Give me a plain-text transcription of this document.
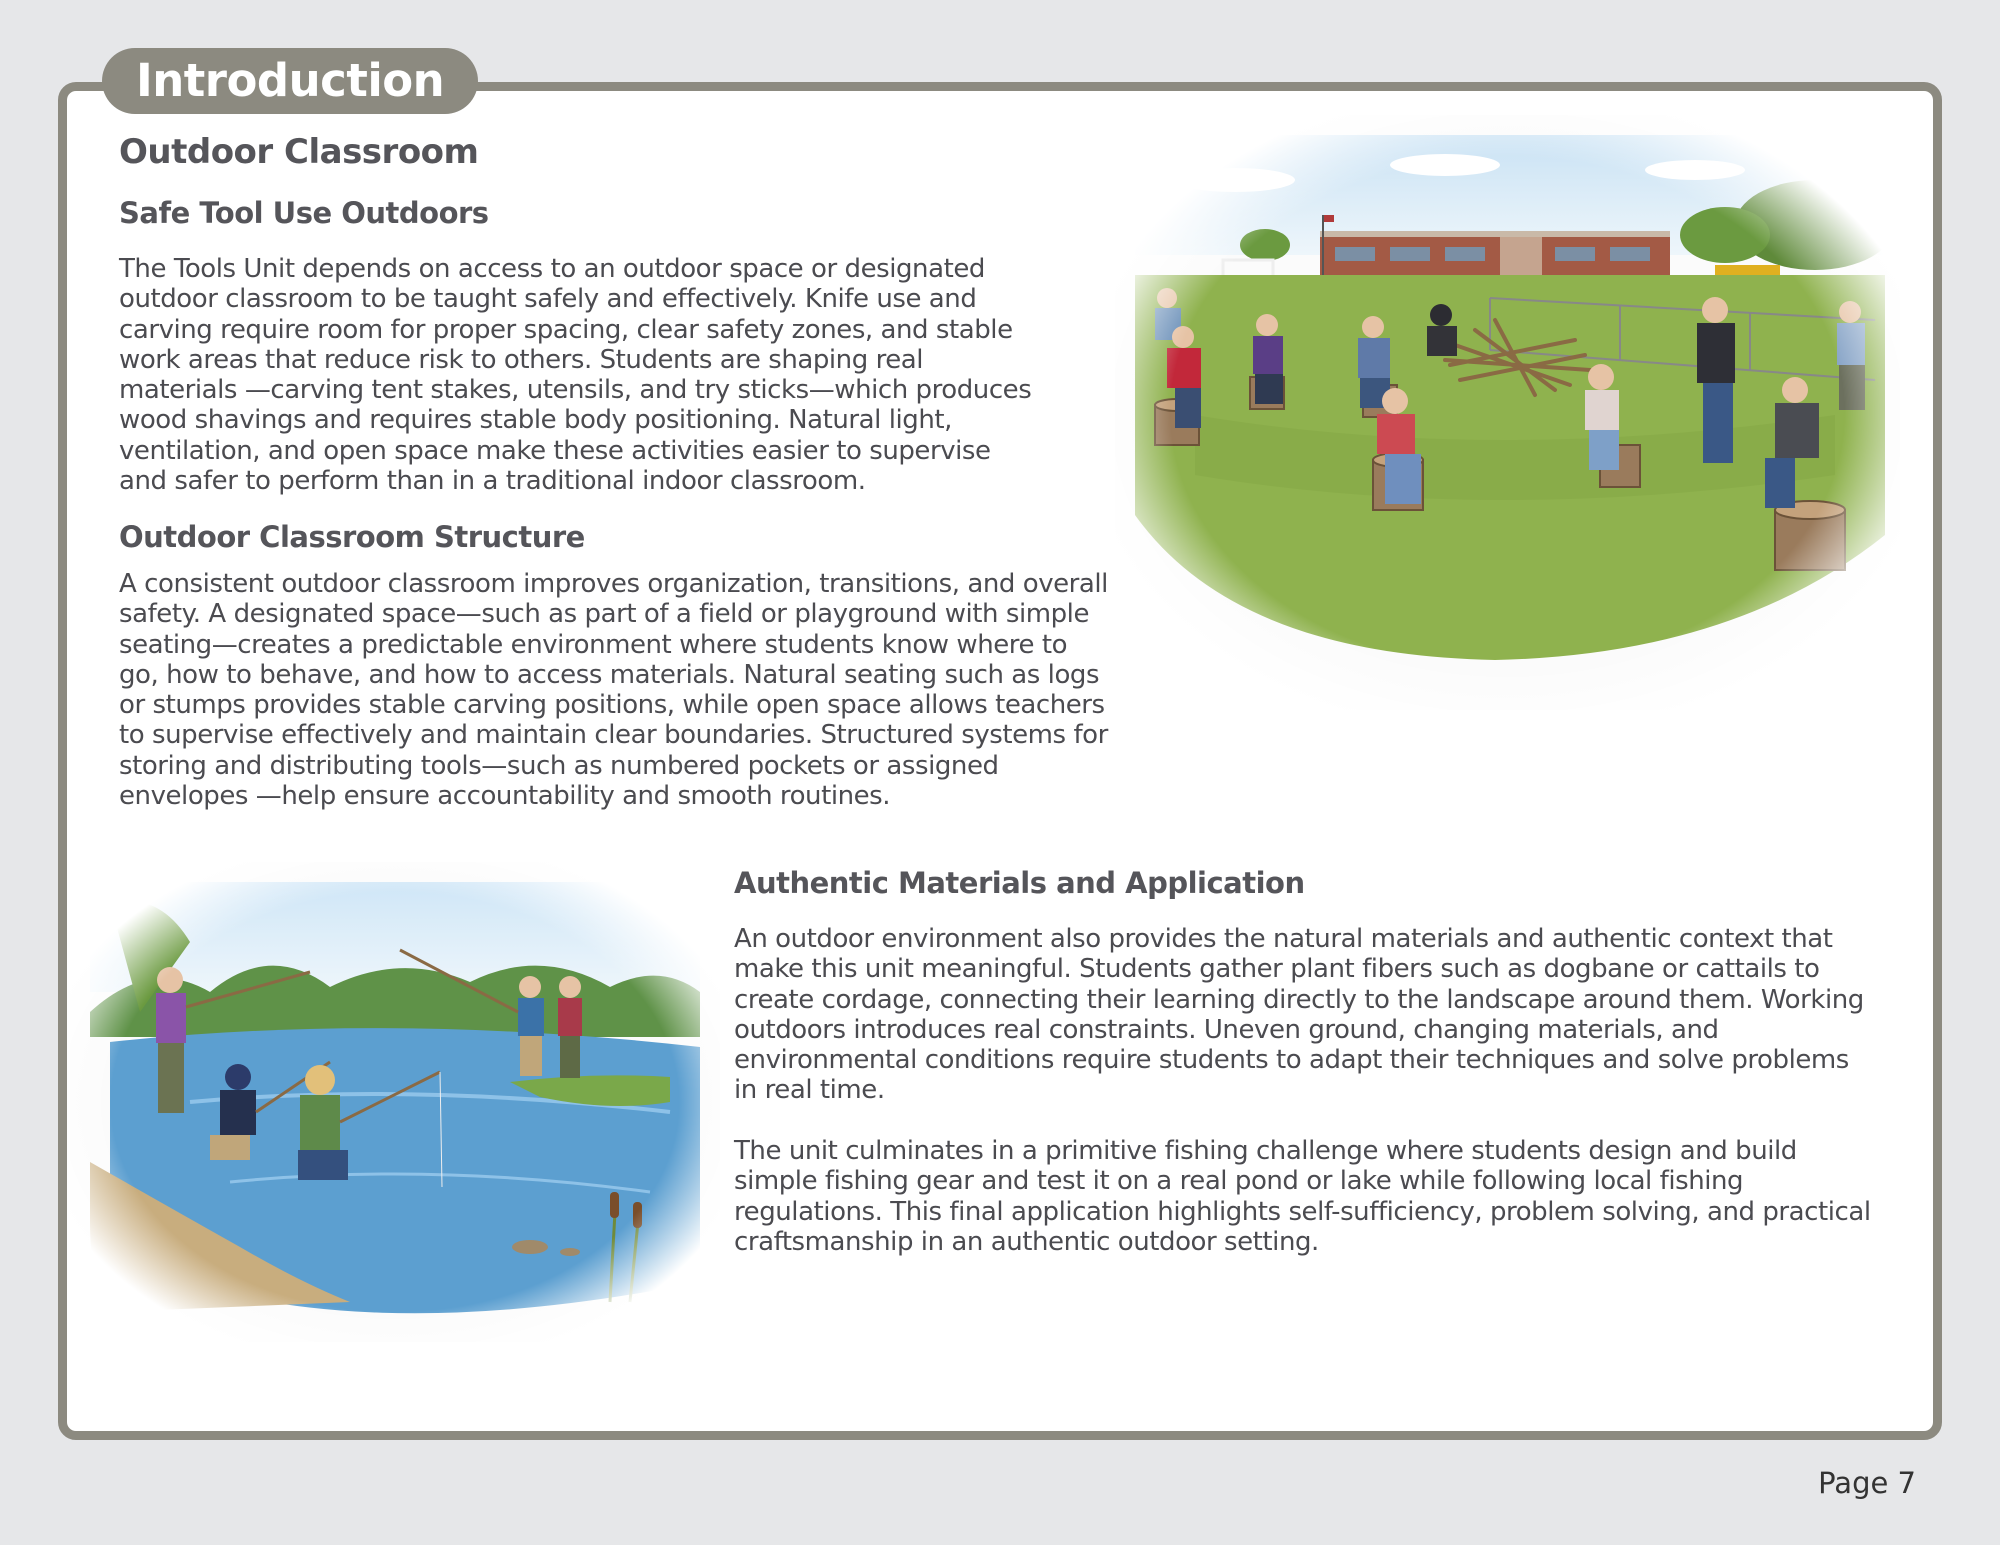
Introduction
Outdoor Classroom
Safe Tool Use Outdoors

The Tools Unit depends on access to an outdoor space or designated outdoor classroom to be taught safely and effectively. Knife use and carving require room for proper spacing, clear safety zones, and stable work areas that reduce risk to others. Students are shaping real materials —carving tent stakes, utensils, and try sticks—which produces wood shavings and requires stable body positioning. Natural light, ventilation, and open space make these activities easier to supervise and safer to perform than in a traditional indoor classroom.

Outdoor Classroom Structure

A consistent outdoor classroom improves organization, transitions, and overall safety. A designated space—such as part of a field or playground with simple seating—creates a predictable environment where students know where to go, how to behave, and how to access materials. Natural seating such as logs or stumps provides stable carving positions, while open space allows teachers to supervise effectively and maintain clear boundaries. Structured systems for storing and distributing tools—such as numbered pockets or assigned envelopes —help ensure accountability and smooth routines.

Authentic Materials and Application

An outdoor environment also provides the natural materials and authentic context that make this unit meaningful. Students gather plant fibers such as dogbane or cattails to create cordage, connecting their learning directly to the landscape around them. Working outdoors introduces real constraints. Uneven ground, changing materials, and environmental conditions require students to adapt their techniques and solve problems in real time.

The unit culminates in a primitive fishing challenge where students design and build simple fishing gear and test it on a real pond or lake while following local fishing regulations. This final application highlights self-sufficiency, problem solving, and practical craftsmanship in an authentic outdoor setting.

Page 7
